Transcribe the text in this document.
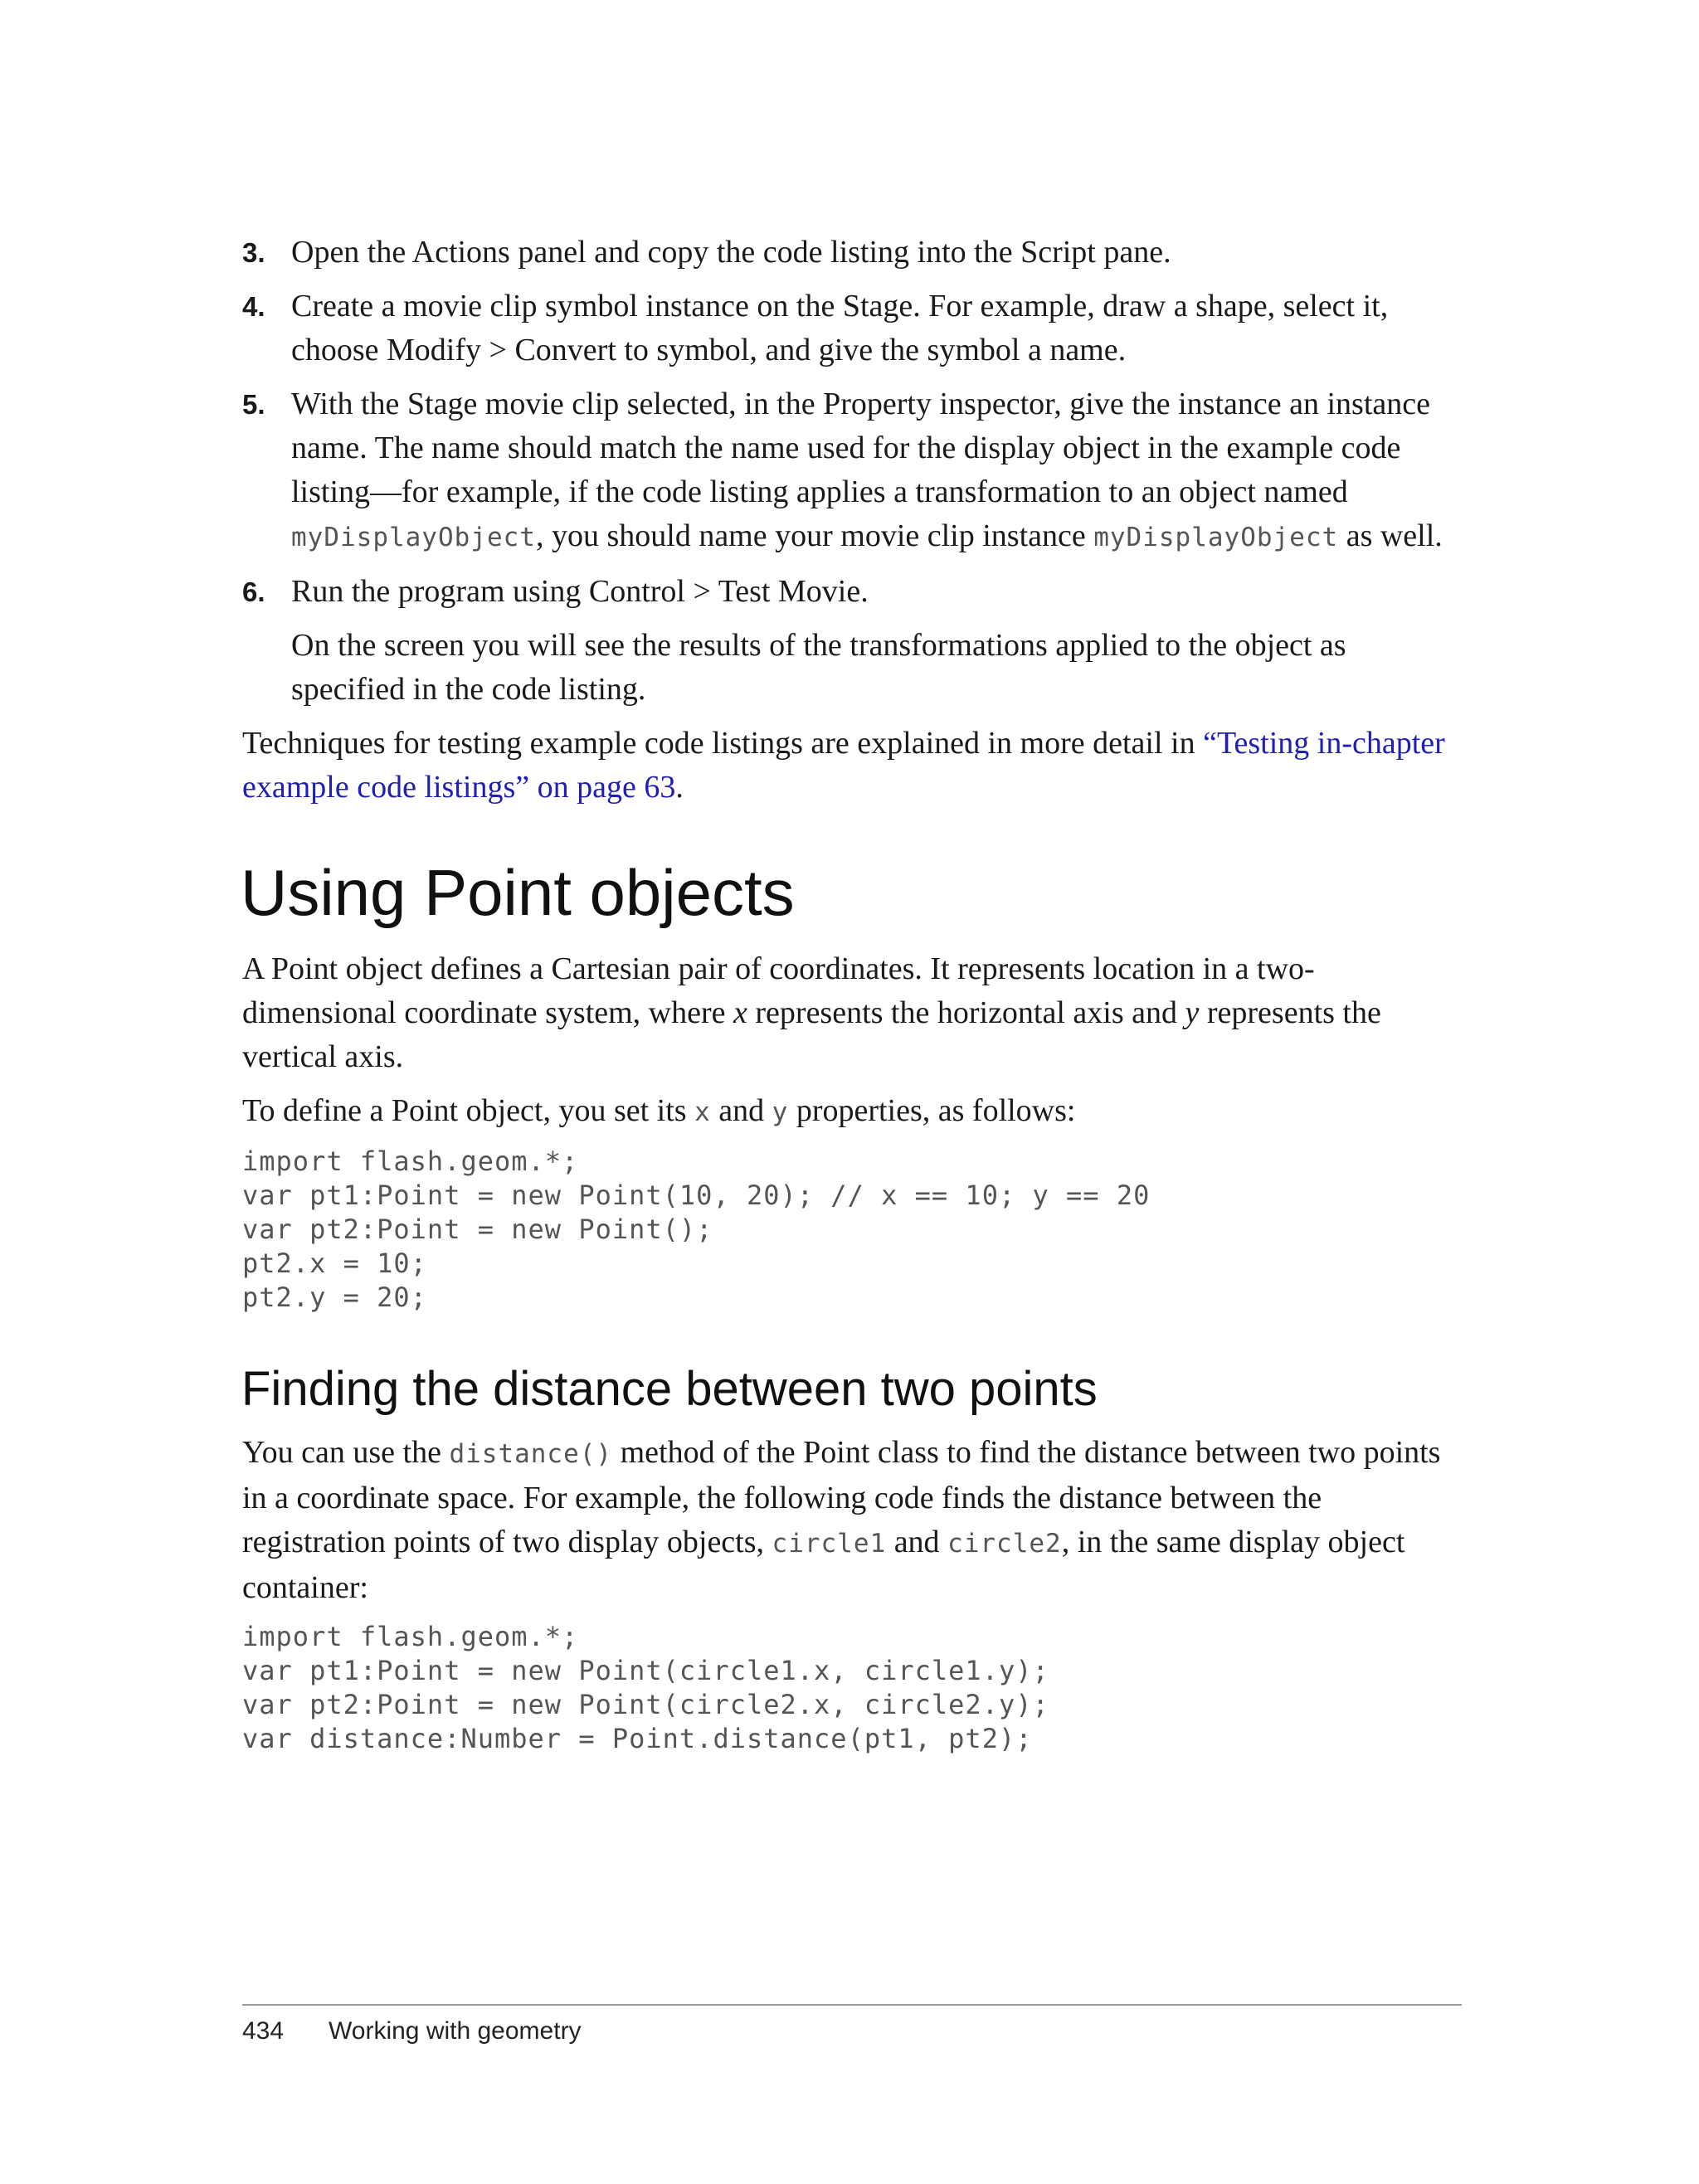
3. Open the Actions panel and copy the code listing into the Script pane.
4. Create a movie clip symbol instance on the Stage. For example, draw a shape, select it, choose Modify > Convert to symbol, and give the symbol a name.
5. With the Stage movie clip selected, in the Property inspector, give the instance an instance name. The name should match the name used for the display object in the example code listing—for example, if the code listing applies a transformation to an object named myDisplayObject, you should name your movie clip instance myDisplayObject as well.
6. Run the program using Control > Test Movie.
On the screen you will see the results of the transformations applied to the object as specified in the code listing.

Techniques for testing example code listings are explained in more detail in “Testing in-chapter example code listings” on page 63.

Using Point objects

A Point object defines a Cartesian pair of coordinates. It represents location in a two-dimensional coordinate system, where x represents the horizontal axis and y represents the vertical axis.

To define a Point object, you set its x and y properties, as follows:

import flash.geom.*;
var pt1:Point = new Point(10, 20); // x == 10; y == 20
var pt2:Point = new Point();
pt2.x = 10;
pt2.y = 20;
Finding the distance between two points

You can use the distance() method of the Point class to find the distance between two points in a coordinate space. For example, the following code finds the distance between the registration points of two display objects, circle1 and circle2, in the same display object container:

import flash.geom.*;
var pt1:Point = new Point(circle1.x, circle1.y);
var pt2:Point = new Point(circle2.x, circle2.y);
var distance:Number = Point.distance(pt1, pt2);
434 Working with geometry
